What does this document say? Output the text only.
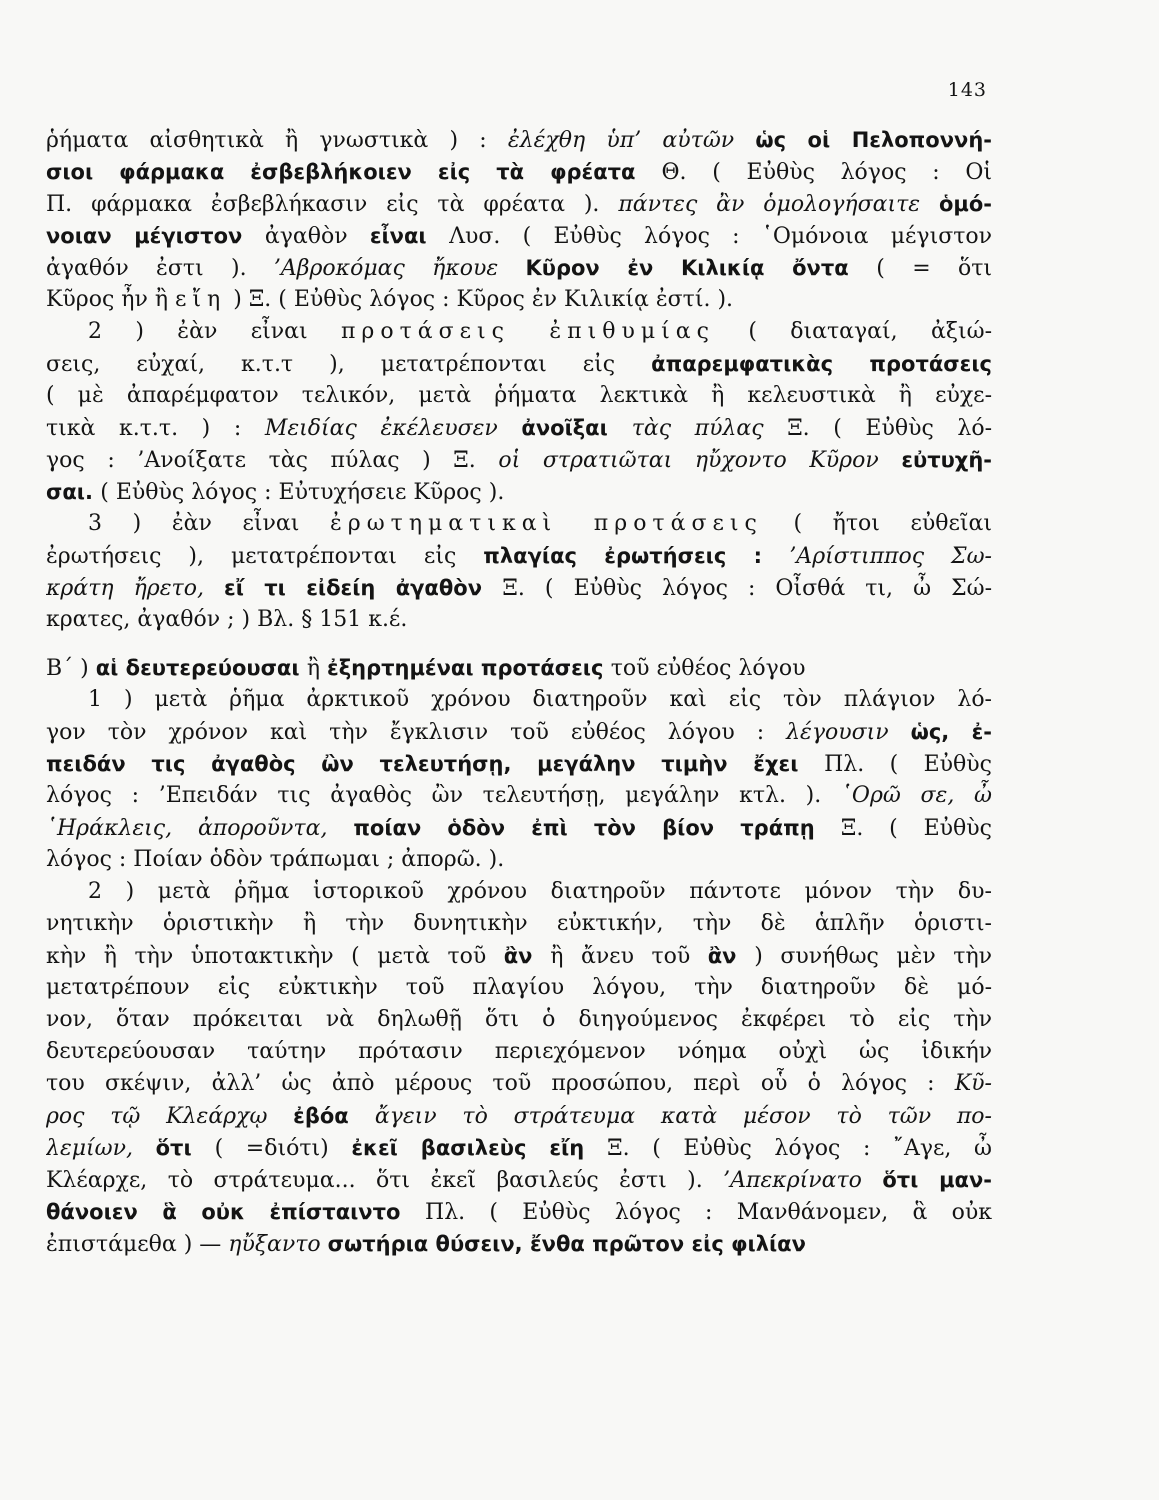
143
ῥήματα αἰσθητικὰ ἢ γνωστικὰ ) : ἐλέχθη ὑπ’ αὐτῶν ὡς οἱ Πελοποννή-
σιοι φάρμακα ἐσβεβλήκοιεν εἰς τὰ φρέατα Θ. ( Εὐθὺς λόγος : Οἱ
Π. φάρμακα ἐσβεβλήκασιν εἰς τὰ φρέατα ). πάντες ἂν ὁμολογήσαιτε ὁμό-
νοιαν μέγιστον ἀγαθὸν εἶναι Λυσ. ( Εὐθὺς λόγος : ῾Ομόνοια μέγιστον
ἀγαθόν ἐστι ). ’Αβροκόμας ἤκουε Κῦρον ἐν Κιλικίᾳ ὄντα ( = ὅτι
Κῦρος ἦν ἢ εἴη ) Ξ. ( Εὐθὺς λόγος : Κῦρος ἐν Κιλικίᾳ ἐστί. ).
2 ) ἐὰν εἶναι προτάσεις ἐπιθυμίας ( διαταγαί, ἀξιώ-
σεις, εὐχαί, κ.τ.τ ), μετατρέπονται εἰς ἀπαρεμφατικὰς προτάσεις
( μὲ ἀπαρέμφατον τελικόν, μετὰ ῥήματα λεκτικὰ ἢ κελευστικὰ ἢ εὐχε-
τικὰ κ.τ.τ. ) : Μειδίας ἐκέλευσεν ἀνοῖξαι τὰς πύλας Ξ. ( Εὐθὺς λό-
γος : ’Ανοίξατε τὰς πύλας ) Ξ. οἱ στρατιῶται ηὔχοντο Κῦρον εὐτυχῆ-
σαι. ( Εὐθὺς λόγος : Εὐτυχήσειε Κῦρος ).
3 ) ἐὰν εἶναι ἐρωτηματικαὶ προτάσεις ( ἤτοι εὐθεῖαι
ἐρωτήσεις ), μετατρέπονται εἰς πλαγίας ἐρωτήσεις : ’Αρίστιππος Σω-
κράτη ἤρετο, εἴ τι εἰδείη ἀγαθὸν Ξ. ( Εὐθὺς λόγος : Οἶσθά τι, ὦ Σώ-
κρατες, ἀγαθόν ; ) Βλ. § 151 κ.έ.
Β΄ ) αἱ δευτερεύουσαι ἢ ἐξηρτημέναι προτάσεις τοῦ εὐθέος λόγου
1 ) μετὰ ῥῆμα ἀρκτικοῦ χρόνου διατηροῦν καὶ εἰς τὸν πλάγιον λό-
γον τὸν χρόνον καὶ τὴν ἔγκλισιν τοῦ εὐθέος λόγου : λέγουσιν ὡς, ἐ-
πειδάν τις ἀγαθὸς ὢν τελευτήσῃ, μεγάλην τιμὴν ἔχει Πλ. ( Εὐθὺς
λόγος : ’Επειδάν τις ἀγαθὸς ὢν τελευτήσῃ, μεγάλην κτλ. ). ῾Ορῶ σε, ὦ
῾Ηράκλεις, ἀποροῦντα, ποίαν ὁδὸν ἐπὶ τὸν βίον τράπῃ Ξ. ( Εὐθὺς
λόγος : Ποίαν ὁδὸν τράπωμαι ; ἀπορῶ. ).
2 ) μετὰ ῥῆμα ἱστορικοῦ χρόνου διατηροῦν πάντοτε μόνον τὴν δυ-
νητικὴν ὁριστικὴν ἢ τὴν δυνητικὴν εὐκτικήν, τὴν δὲ ἁπλῆν ὁριστι-
κὴν ἢ τὴν ὑποτακτικὴν ( μετὰ τοῦ ἂν ἢ ἄνευ τοῦ ἂν ) συνήθως μὲν τὴν
μετατρέπουν εἰς εὐκτικὴν τοῦ πλαγίου λόγου, τὴν διατηροῦν δὲ μό-
νον, ὅταν πρόκειται νὰ δηλωθῇ ὅτι ὁ διηγούμενος ἐκφέρει τὸ εἰς τὴν
δευτερεύουσαν ταύτην πρότασιν περιεχόμενον νόημα οὐχὶ ὡς ἰδικήν
του σκέψιν, ἀλλ’ ὡς ἀπὸ μέρους τοῦ προσώπου, περὶ οὗ ὁ λόγος : Κῦ-
ρος τῷ Κλεάρχῳ ἐβόα ἄγειν τὸ στράτευμα κατὰ μέσον τὸ τῶν πο-
λεμίων, ὅτι ( =διότι) ἐκεῖ βασιλεὺς εἴη Ξ. ( Εὐθὺς λόγος : ῎Αγε, ὦ
Κλέαρχε, τὸ στράτευμα... ὅτι ἐκεῖ βασιλεύς ἐστι ). ’Απεκρίνατο ὅτι μαν-
θάνοιεν ἃ οὐκ ἐπίσταιντο Πλ. ( Εὐθὺς λόγος : Μανθάνομεν, ἃ οὐκ
ἐπιστάμεθα ) — ηὔξαντο σωτήρια θύσειν, ἔνθα πρῶτον εἰς φιλίαν
